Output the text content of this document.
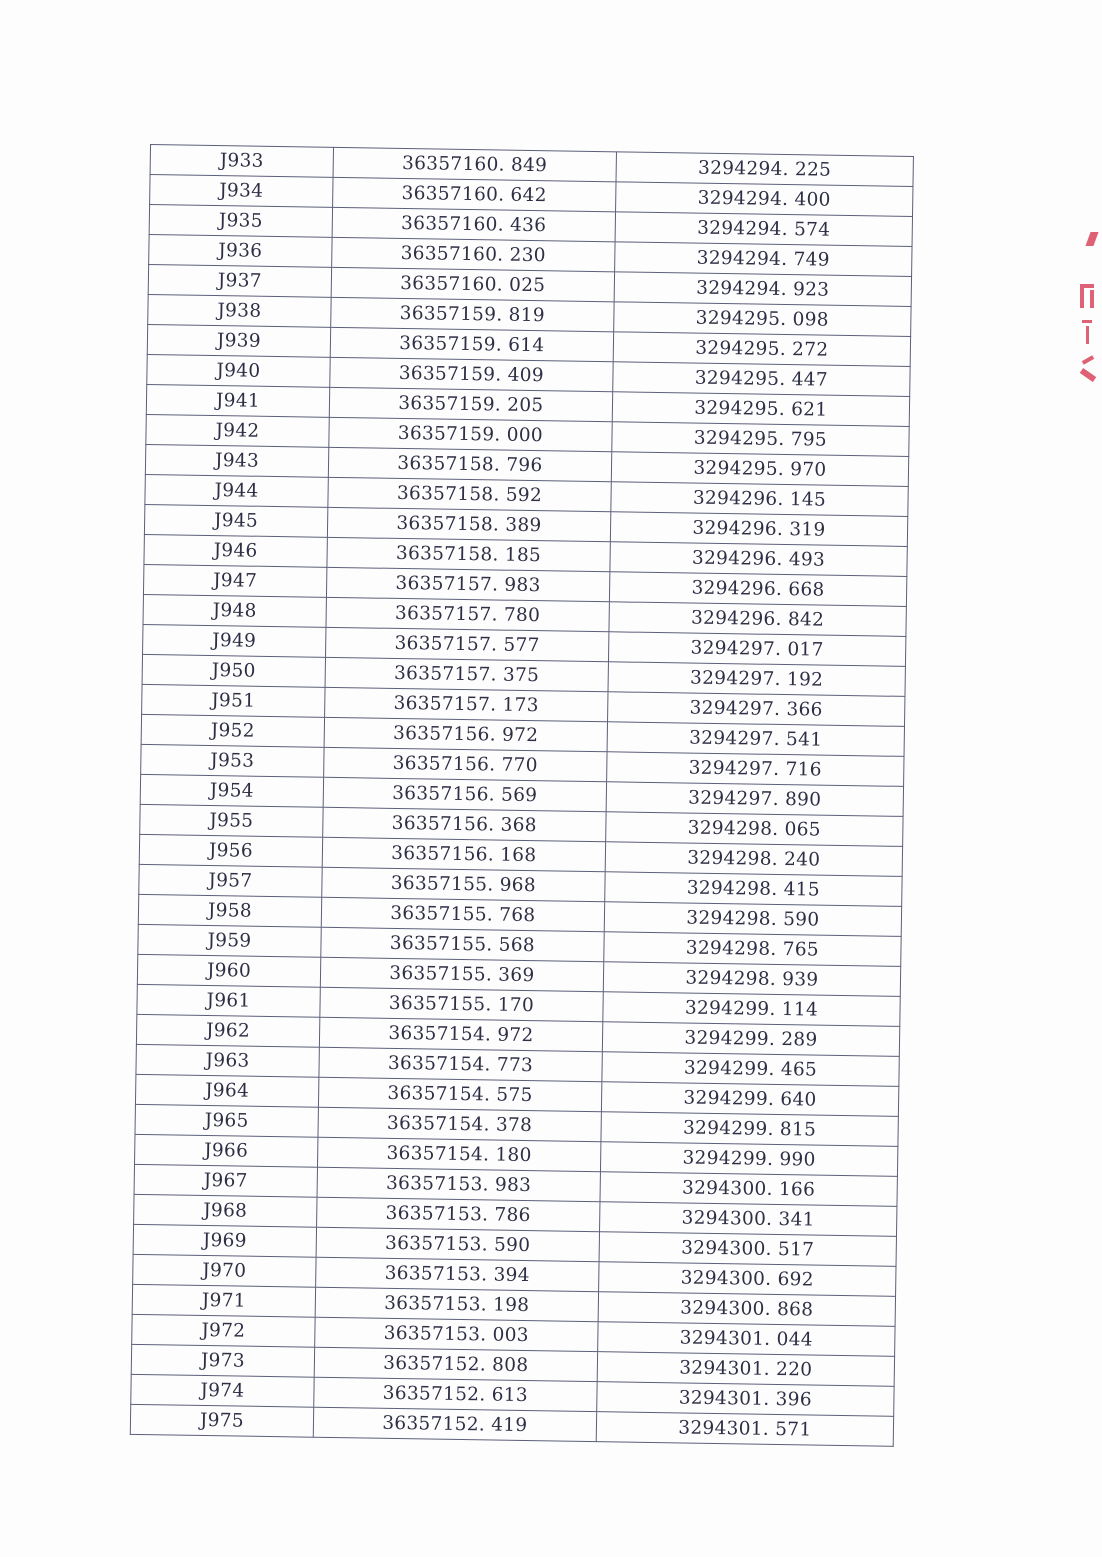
J933	36357160. 849	3294294. 225
J934	36357160. 642	3294294. 400
J935	36357160. 436	3294294. 574
J936	36357160. 230	3294294. 749
J937	36357160. 025	3294294. 923
J938	36357159. 819	3294295. 098
J939	36357159. 614	3294295. 272
J940	36357159. 409	3294295. 447
J941	36357159. 205	3294295. 621
J942	36357159. 000	3294295. 795
J943	36357158. 796	3294295. 970
J944	36357158. 592	3294296. 145
J945	36357158. 389	3294296. 319
J946	36357158. 185	3294296. 493
J947	36357157. 983	3294296. 668
J948	36357157. 780	3294296. 842
J949	36357157. 577	3294297. 017
J950	36357157. 375	3294297. 192
J951	36357157. 173	3294297. 366
J952	36357156. 972	3294297. 541
J953	36357156. 770	3294297. 716
J954	36357156. 569	3294297. 890
J955	36357156. 368	3294298. 065
J956	36357156. 168	3294298. 240
J957	36357155. 968	3294298. 415
J958	36357155. 768	3294298. 590
J959	36357155. 568	3294298. 765
J960	36357155. 369	3294298. 939
J961	36357155. 170	3294299. 114
J962	36357154. 972	3294299. 289
J963	36357154. 773	3294299. 465
J964	36357154. 575	3294299. 640
J965	36357154. 378	3294299. 815
J966	36357154. 180	3294299. 990
J967	36357153. 983	3294300. 166
J968	36357153. 786	3294300. 341
J969	36357153. 590	3294300. 517
J970	36357153. 394	3294300. 692
J971	36357153. 198	3294300. 868
J972	36357153. 003	3294301. 044
J973	36357152. 808	3294301. 220
J974	36357152. 613	3294301. 396
J975	36357152. 419	3294301. 571
